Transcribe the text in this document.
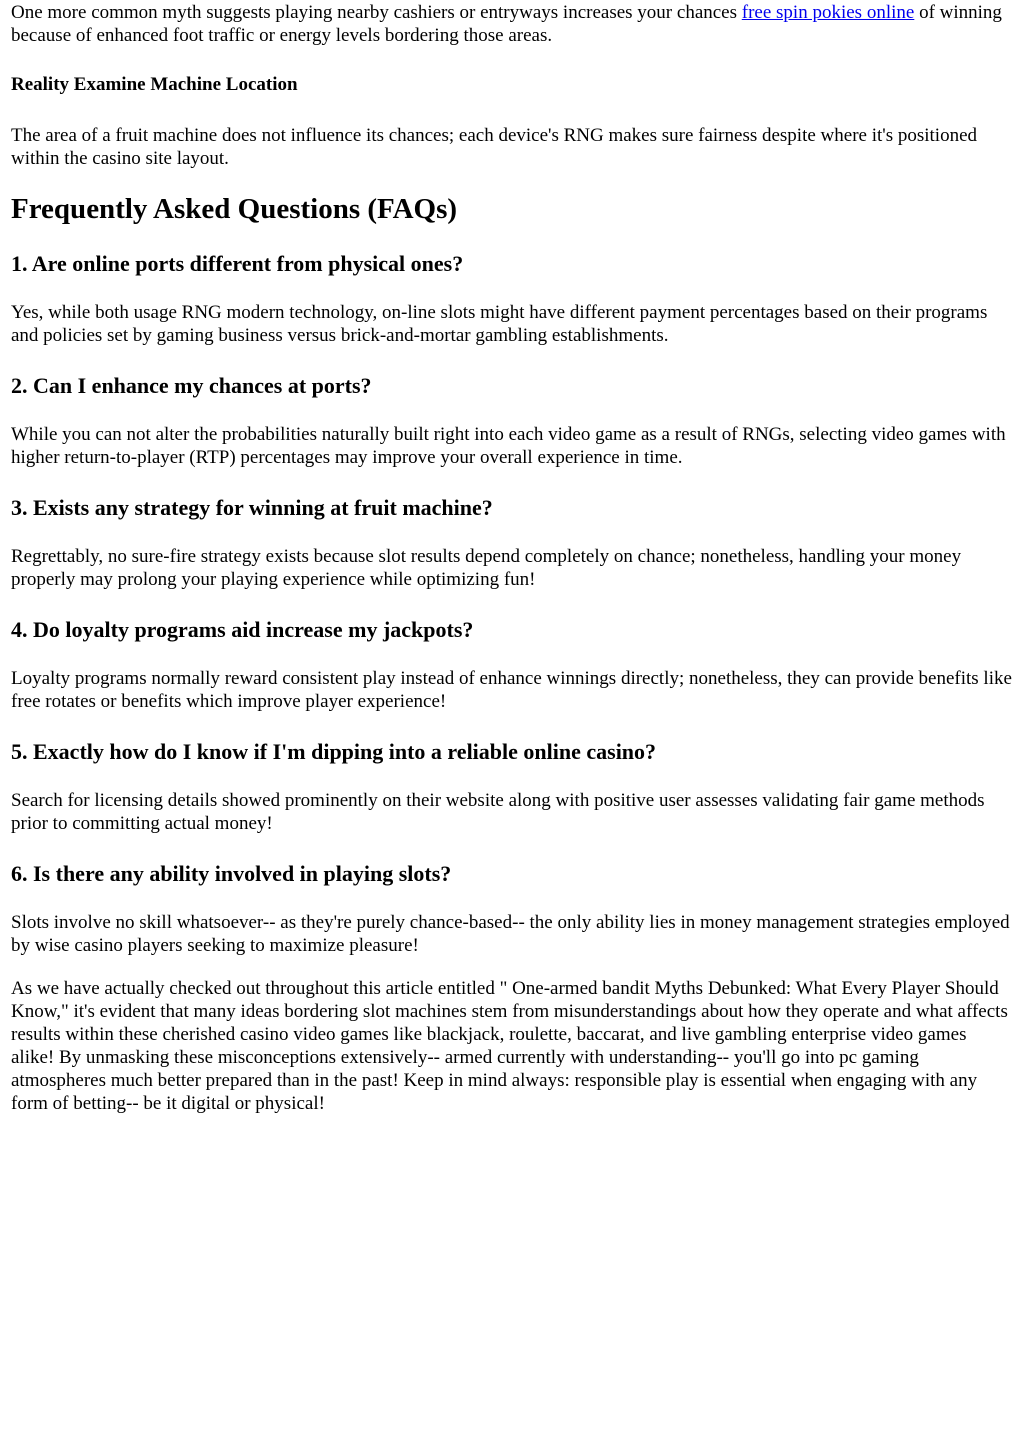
One more common myth suggests playing nearby cashiers or entryways increases your chances free spin pokies online of winning because of enhanced foot traffic or energy levels bordering those areas.

Reality Examine Machine Location

The area of a fruit machine does not influence its chances; each device's RNG makes sure fairness despite where it's positioned within the casino site layout.

Frequently Asked Questions (FAQs)
1. Are online ports different from physical ones?

Yes, while both usage RNG modern technology, on-line slots might have different payment percentages based on their programs and policies set by gaming business versus brick-and-mortar gambling establishments.

2. Can I enhance my chances at ports?

While you can not alter the probabilities naturally built right into each video game as a result of RNGs, selecting video games with higher return-to-player (RTP) percentages may improve your overall experience in time.

3. Exists any strategy for winning at fruit machine?

Regrettably, no sure-fire strategy exists because slot results depend completely on chance; nonetheless, handling your money properly may prolong your playing experience while optimizing fun!

4. Do loyalty programs aid increase my jackpots?

Loyalty programs normally reward consistent play instead of enhance winnings directly; nonetheless, they can provide benefits like free rotates or benefits which improve player experience!

5. Exactly how do I know if I'm dipping into a reliable online casino?

Search for licensing details showed prominently on their website along with positive user assesses validating fair game methods prior to committing actual money!

6. Is there any ability involved in playing slots?

Slots involve no skill whatsoever-- as they're purely chance-based-- the only ability lies in money management strategies employed by wise casino players seeking to maximize pleasure!

As we have actually checked out throughout this article entitled " One-armed bandit Myths Debunked: What Every Player Should Know," it's evident that many ideas bordering slot machines stem from misunderstandings about how they operate and what affects results within these cherished casino video games like blackjack, roulette, baccarat, and live gambling enterprise video games alike! By unmasking these misconceptions extensively-- armed currently with understanding-- you'll go into pc gaming atmospheres much better prepared than in the past! Keep in mind always: responsible play is essential when engaging with any form of betting-- be it digital or physical!
